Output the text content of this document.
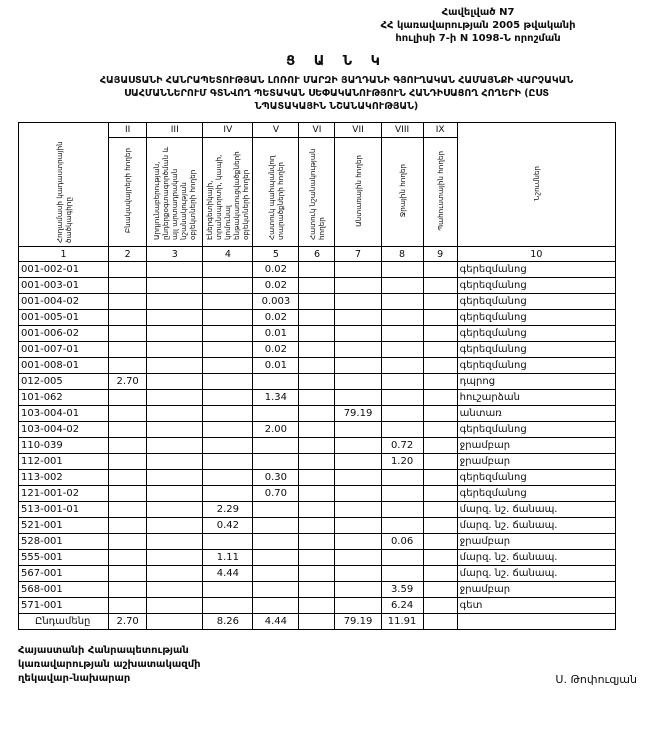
Հավելված N7
ՀՀ կառավարության 2005 թվականի
հուլիսի 7-ի N 1098-Ն որոշման
Ց Ա Ն Կ
ՀԱՅԱՍՏԱՆԻ ՀԱՆՐԱՊԵՏՈՒԹՅԱՆ ԼՈՌՈՒ ՄԱՐԶԻ ՅԱՂԴԱՆԻ ԳՅՈՒՂԱԿԱՆ ՀԱՄԱՅՆՔԻ ՎԱՐՉԱԿԱՆ
ՍԱՀՄԱՆՆԵՐՈՒՄ ԳՏՆՎՈՂ ՊԵՏԱԿԱՆ ՍԵՓԱԿԱՆՈՒԹՅՈՒՆ ՀԱՆԴԻՍԱՑՈՂ ՀՈՂԵՐԻ (ԸՍՏ
ՆՊԱՏԱԿԱՅԻՆ ՆՇԱՆԱԿՈՒԹՅԱՆ)
Հողամասի կադաստրային ծածկագիրը	II	III	IV	V	VI	VII	VIII	IX	Նշումներ
	Բնակավայրերի հողեր	Արդյունաբերության, ընդերքօգտագործման և այլ արտադրական նշանակության օբյեկտների հողեր	Էներգետիկայի, տրանսպորտի, կապի, կոմունալ ենթակառուցվածքների օբյեկտների հողեր	Հատուկ պահպանվող տարածքների հողեր	Հատուկ նշանակության հողեր	Անտառային հողեր	Ջրային հողեր	Պահուստային հողեր	
1	2	3	4	5	6	7	8	9	10
001-002-01				0.02					գերեզմանոց
001-003-01				0.02					գերեզմանոց
001-004-02				0.003					գերեզմանոց
001-005-01				0.02					գերեզմանոց
001-006-02				0.01					գերեզմանոց
001-007-01				0.02					գերեզմանոց
001-008-01				0.01					գերեզմանոց
012-005	2.70								դպրոց
101-062				1.34					հուշարձան
103-004-01						79.19			անտառ
103-004-02				2.00					գերեզմանոց
110-039							0.72		ջրամբար
112-001							1.20		ջրամբար
113-002				0.30					գերեզմանոց
121-001-02				0.70					գերեզմանոց
513-001-01			2.29						մարզ. նշ. ճանապ.
521-001			0.42						մարզ. նշ. ճանապ.
528-001							0.06		ջրամբար
555-001			1.11						մարզ. նշ. ճանապ.
567-001			4.44						մարզ. նշ. ճանապ.
568-001							3.59		ջրամբար
571-001							6.24		գետ
Ընդամենը	2.70		8.26	4.44		79.19	11.91		
Հայաստանի Հանրապետության
կառավարության աշխատակազմի
ղեկավար-նախարար	Ս. Թոփուզյան
